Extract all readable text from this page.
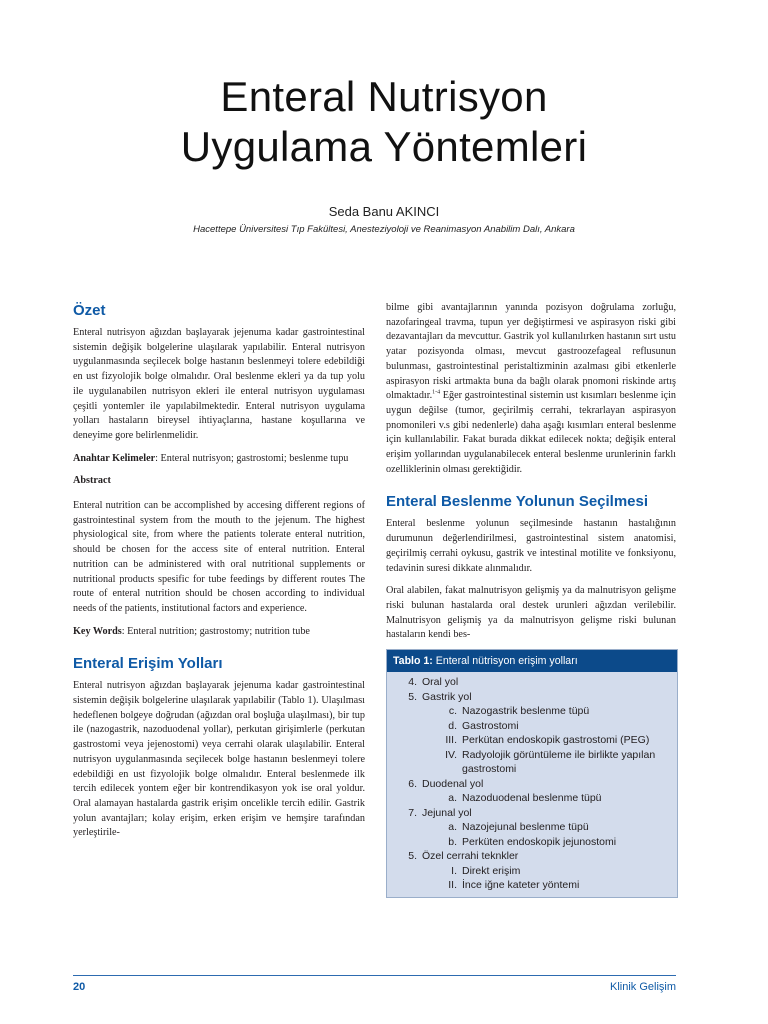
Enteral Nutrisyon
Uygulama Yöntemleri
Seda Banu AKINCI
Hacettepe Üniversitesi Tıp Fakültesi, Anesteziyoloji ve Reanimasyon Anabilim Dalı, Ankara
Özet

Enteral nutrisyon ağızdan başlayarak jejenuma kadar gastrointestinal sistemin değişik bolgelerine ulaşılarak yapılabilir. Enteral nutrisyon uygulanmasında seçilecek bolge hastanın beslenmeyi tolere edebildiği en ust fizyolojik bolge olmalıdır. Oral beslenme ekleri ya da tup yolu ile uygulanabilen nutrisyon ekleri ile enteral nutrisyon uygulaması çeşitli yontemler ile yapılabilmektedir. Enteral nutrisyon uygulama yolları hastaların bireysel ihtiyaçlarına, hastane koşullarına ve deneyime gore belirlenmelidir.

Anahtar Kelimeler: Enteral nutrisyon; gastrostomi; beslenme tupu

Abstract

Enteral nutrition can be accomplished by accesing different regions of gastrointestinal system from the mouth to the jejenum. The highest physiological site, from where the patients tolerate enteral nutrition, should be chosen for the access site of enteral nutrition. Enteral nutrition can be administered with oral nutritional supplements or nutritional products spesific for tube feedings by different routes The route of enteral nutrition should be chosen according to individual needs of the patients, institutional factors and experience.

Key Words: Enteral nutrition; gastrostomy; nutrition tube

Enteral Erişim Yolları

Enteral nutrisyon ağızdan başlayarak jejenuma kadar gastrointestinal sistemin değişik bolgelerine ulaşılarak yapılabilir (Tablo 1). Ulaşılması hedeflenen bolgeye doğrudan (ağızdan oral boşluğa ulaşılması), bir tup ile (nazogastrik, nazoduodenal yollar), perkutan girişimlerle (perkutan gastrostomi veya jejenostomi) veya cerrahi olarak ulaşılabilir. Enteral nutrisyon uygulanmasında seçilecek bolge hastanın beslenmeyi tolere edebildiği en ust fizyolojik bolge olmalıdır. Enteral beslenmede ilk tercih edilecek yontem eğer bir kontrendikasyon yok ise oral yoldur. Oral alamayan hastalarda gastrik erişim oncelikle tercih edilir. Gastrik yolun avantajları; kolay erişim, erken erişim ve hemşire tarafından yerleştirile-

bilme gibi avantajlarının yanında pozisyon doğrulama zorluğu, nazofaringeal travma, tupun yer değiştirmesi ve aspirasyon riski gibi dezavantajları da mevcuttur. Gastrik yol kullanılırken hastanın sırt ustu yatar pozisyonda olması, mevcut gastroozefageal reflusunun bulunması, gastrointestinal peristaltizminin azalması gibi etkenlerle aspirasyon riski artmakta buna da bağlı olarak pnomoni riskinde artış olmaktadır.$^{1-4}$ Eğer gastrointestinal sistemin ust kısımları beslenme için uygun değilse (tumor, geçirilmiş cerrahi, tekrarlayan aspirasyon pnomonileri v.s gibi nedenlerle) daha aşağı kısımları enteral beslenme için kullanılabilir. Fakat burada dikkat edilecek nokta; değişik enteral erişim yollarından uygulanabilecek enteral beslenme urunlerinin farklı ozelliklerinin olması gerektiğidir.

Enteral Beslenme Yolunun Seçilmesi

Enteral beslenme yolunun seçilmesinde hastanın hastalığının durumunun değerlendirilmesi, gastrointestinal sistem anatomisi, geçirilmiş cerrahi oykusu, gastrik ve intestinal motilite ve fonksiyonu, tedavinin suresi dikkate alınmalıdır.

Oral alabilen, fakat malnutrisyon gelişmiş ya da malnutrisyon gelişme riski bulunan hastalarda oral destek urunleri ağızdan verilebilir. Malnutrisyon gelişmiş ya da malnutrisyon gelişme riski bulunan hastaların kendi bes-

Tablo 1: Enteral nütrisyon erişim yolları
4. Oral yol
5. Gastrik yol
c. Nazogastrik beslenme tüpü
d. Gastrostomi
III. Perkütan endoskopik gastrostomi (PEG)
IV. Radyolojik görüntüleme ile birlikte yapılan
gastrostomi
6. Duodenal yol
a. Nazoduodenal beslenme tüpü
7. Jejunal yol
a. Nazojejunal beslenme tüpü
b. Perküten endoskopik jejunostomi
5. Özel cerrahi teknkler
I. Direkt erişim
II. İnce iğne kateter yöntemi
20	Klinik Gelişim
